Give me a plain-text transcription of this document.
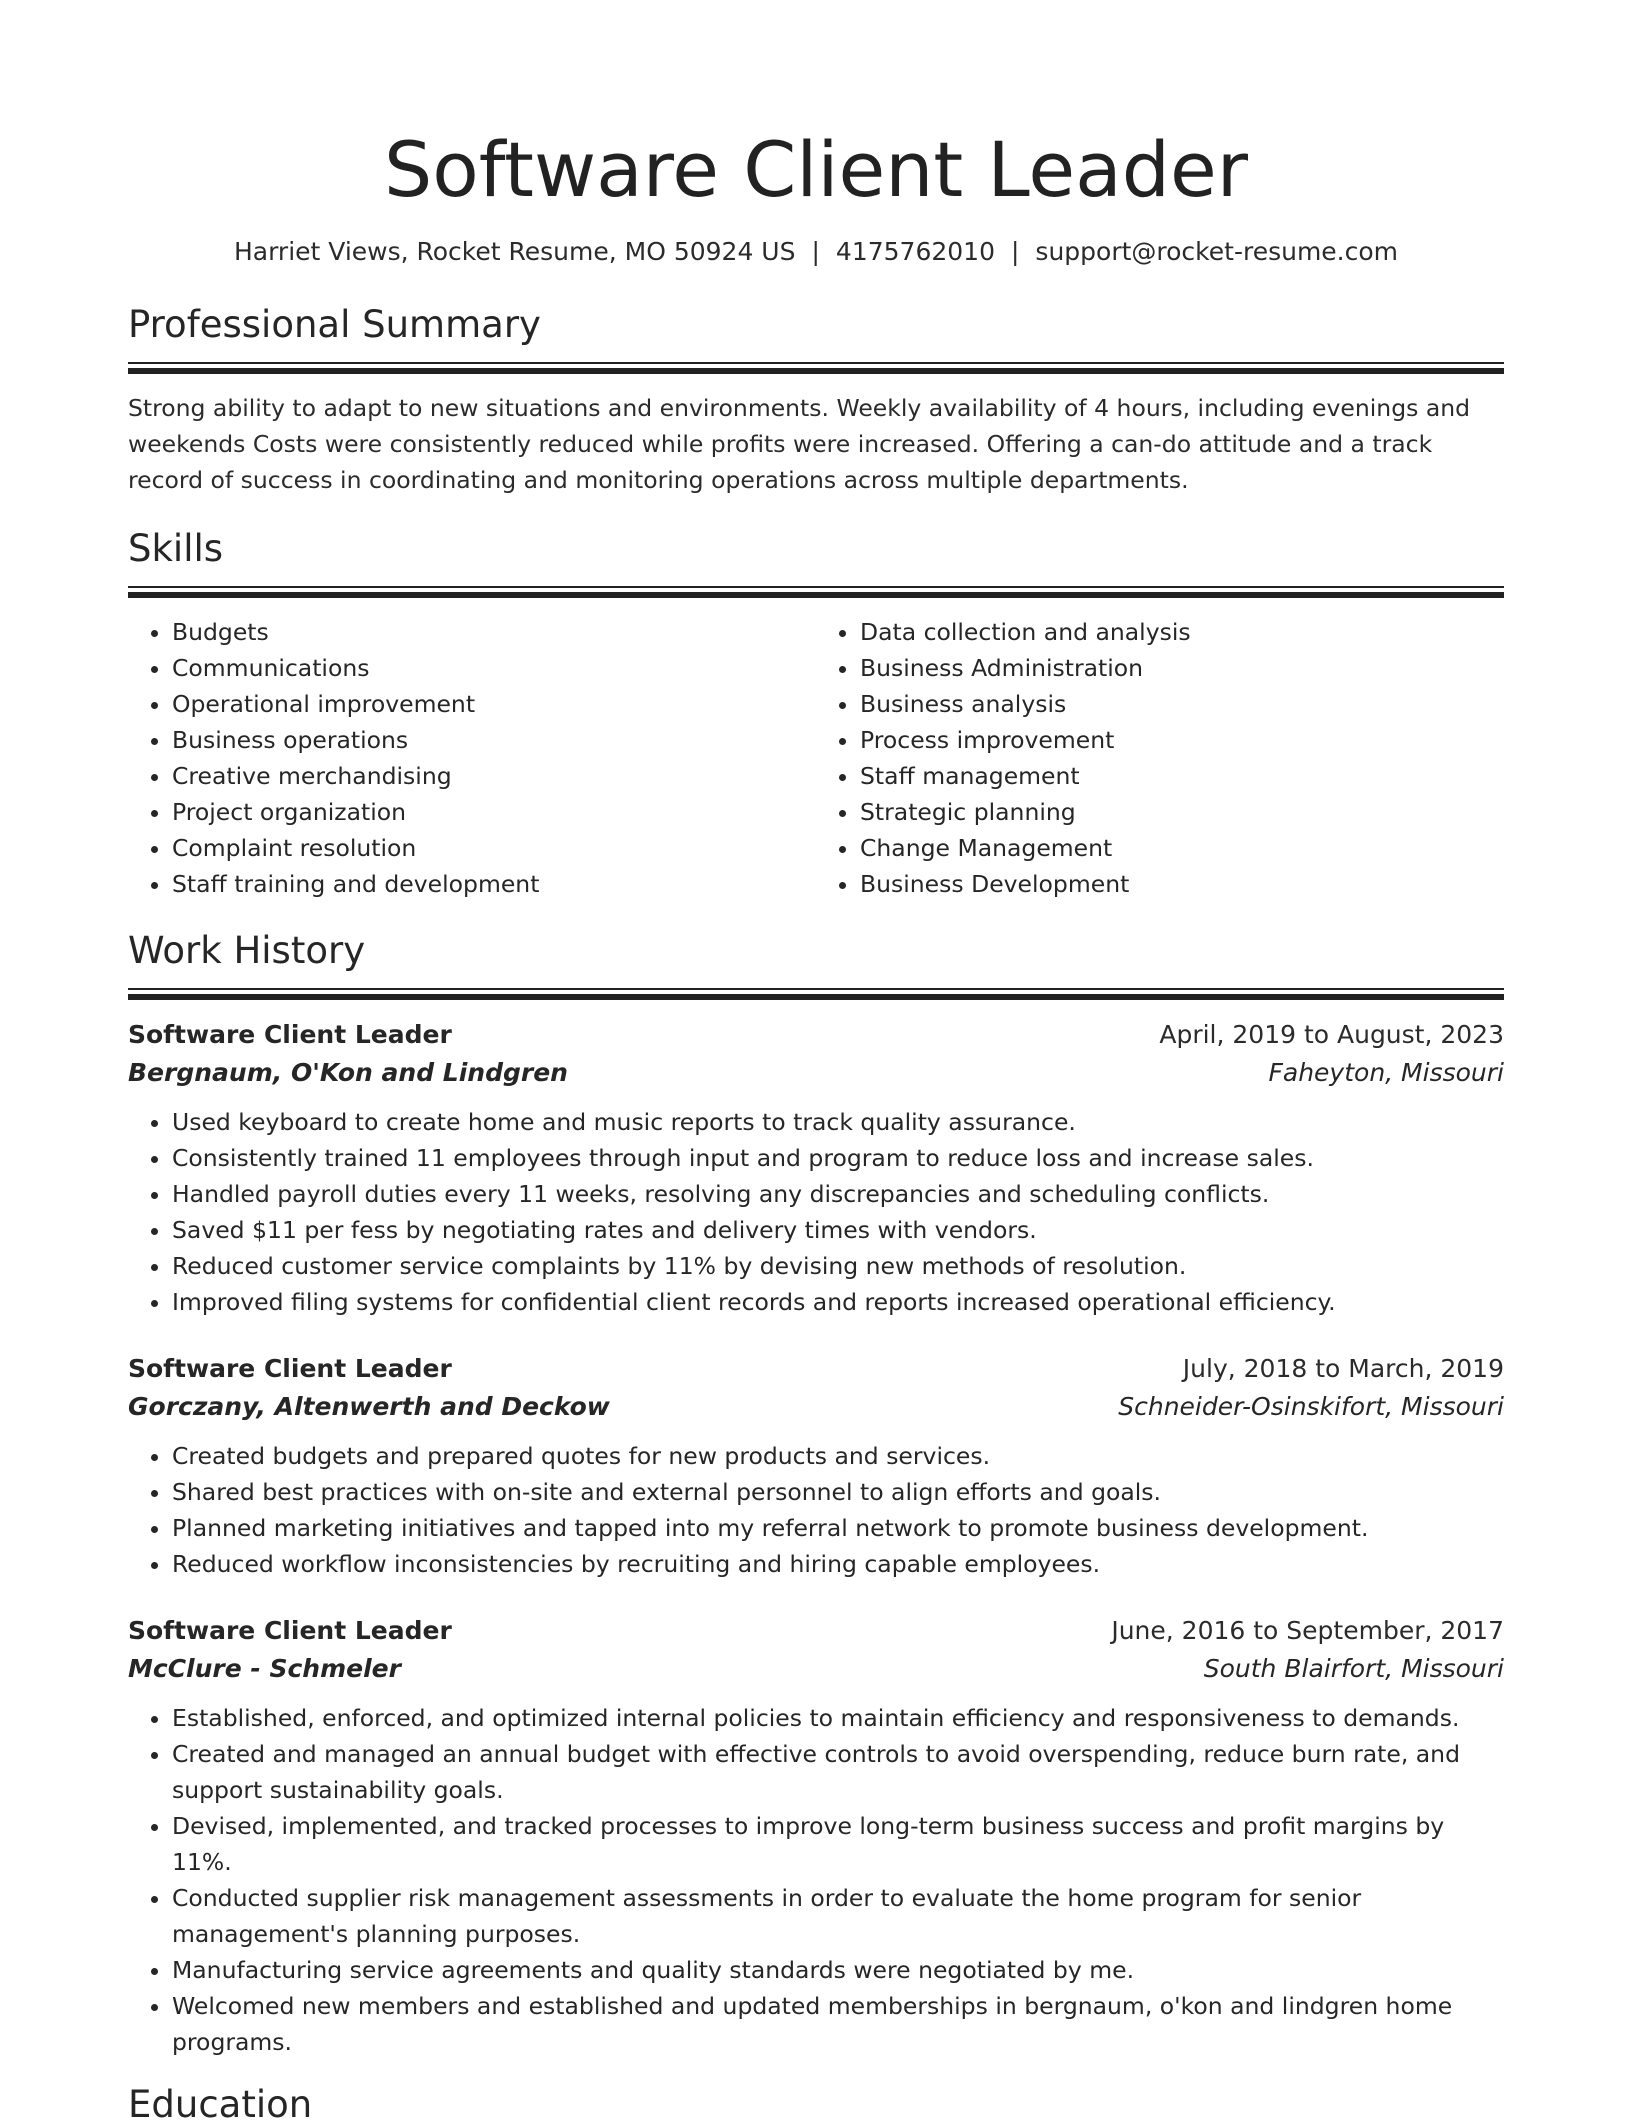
Software Client Leader
Harriet Views, Rocket Resume, MO 50924 US | 4175762010 | support@rocket-resume.com
Professional Summary

Strong ability to adapt to new situations and environments. Weekly availability of 4 hours, including evenings and weekends Costs were consistently reduced while profits were increased. Offering a can-do attitude and a track record of success in coordinating and monitoring operations across multiple departments.

Skills
• Budgets
• Communications
• Operational improvement
• Business operations
• Creative merchandising
• Project organization
• Complaint resolution
• Staff training and development
• Data collection and analysis
• Business Administration
• Business analysis
• Process improvement
• Staff management
• Strategic planning
• Change Management
• Business Development
Work History
Software Client Leader	April, 2019 to August, 2023
Bergnaum, O'Kon and Lindgren	Faheyton, Missouri
• Used keyboard to create home and music reports to track quality assurance.
• Consistently trained 11 employees through input and program to reduce loss and increase sales.
• Handled payroll duties every 11 weeks, resolving any discrepancies and scheduling conflicts.
• Saved $11 per fess by negotiating rates and delivery times with vendors.
• Reduced customer service complaints by 11% by devising new methods of resolution.
• Improved filing systems for confidential client records and reports increased operational efficiency.
Software Client Leader	July, 2018 to March, 2019
Gorczany, Altenwerth and Deckow	Schneider-Osinskifort, Missouri
• Created budgets and prepared quotes for new products and services.
• Shared best practices with on-site and external personnel to align efforts and goals.
• Planned marketing initiatives and tapped into my referral network to promote business development.
• Reduced workflow inconsistencies by recruiting and hiring capable employees.
Software Client Leader	June, 2016 to September, 2017
McClure - Schmeler	South Blairfort, Missouri
• Established, enforced, and optimized internal policies to maintain efficiency and responsiveness to demands.
• Created and managed an annual budget with effective controls to avoid overspending, reduce burn rate, and support sustainability goals.
• Devised, implemented, and tracked processes to improve long-term business success and profit margins by 11%.
• Conducted supplier risk management assessments in order to evaluate the home program for senior management's planning purposes.
• Manufacturing service agreements and quality standards were negotiated by me.
• Welcomed new members and established and updated memberships in bergnaum, o'kon and lindgren home programs.
Education
